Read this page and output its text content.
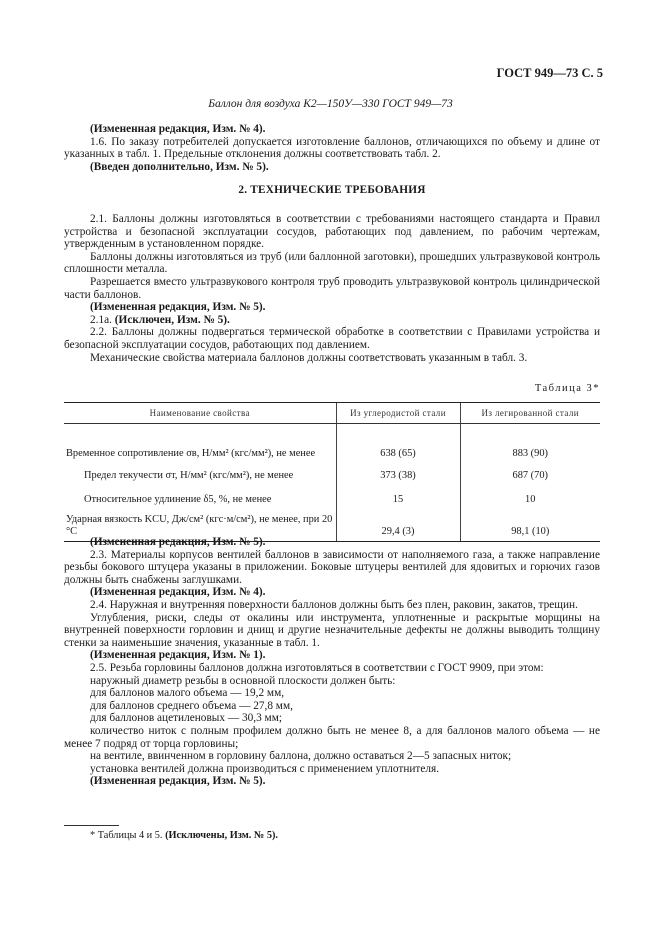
ГОСТ 949—73 С. 5
Баллон для воздуха К2—150У—330 ГОСТ 949—73
(Измененная редакция, Изм. № 4).
1.6. По заказу потребителей допускается изготовление баллонов, отличающихся по объему и длине от указанных в табл. 1. Предельные отклонения должны соответствовать табл. 2.
(Введен дополнительно, Изм. № 5).
2. ТЕХНИЧЕСКИЕ ТРЕБОВАНИЯ
2.1. Баллоны должны изготовляться в соответствии с требованиями настоящего стандарта и Правил устройства и безопасной эксплуатации сосудов, работающих под давлением, по рабочим чертежам, утвержденным в установленном порядке.
Баллоны должны изготовляться из труб (или баллонной заготовки), прошедших ультразвуковой контроль сплошности металла.
Разрешается вместо ультразвукового контроля труб проводить ультразвуковой контроль цилиндрической части баллонов.
(Измененная редакция, Изм. № 5).
2.1а. (Исключен, Изм. № 5).
2.2. Баллоны должны подвергаться термической обработке в соответствии с Правилами устройства и безопасной эксплуатации сосудов, работающих под давлением.
Механические свойства материала баллонов должны соответствовать указанным в табл. 3.
Таблица 3*
Наименование свойства	Из углеродистой стали	Из легированной стали
Временное сопротивление σв, Н/мм² (кгс/мм²), не менее	638 (65)	883 (90)
Предел текучести σт, Н/мм² (кгс/мм²), не менее	373 (38)	687 (70)
Относительное удлинение δ5, %, не менее	15	10
Ударная вязкость KCU, Дж/см² (кгс·м/см²), не менее, при 20 °С	29,4 (3)	98,1 (10)
(Измененная редакция, Изм. № 5).
2.3. Материалы корпусов вентилей баллонов в зависимости от наполняемого газа, а также направление резьбы бокового штуцера указаны в приложении. Боковые штуцеры вентилей для ядовитых и горючих газов должны быть снабжены заглушками.
(Измененная редакция, Изм. № 4).
2.4. Наружная и внутренняя поверхности баллонов должны быть без плен, раковин, закатов, трещин.
Углубления, риски, следы от окалины или инструмента, уплотненные и раскрытые морщины на внутренней поверхности горловин и днищ и другие незначительные дефекты не должны выводить толщину стенки за наименьшие значения, указанные в табл. 1.
(Измененная редакция, Изм. № 1).
2.5. Резьба горловины баллонов должна изготовляться в соответствии с ГОСТ 9909, при этом:
наружный диаметр резьбы в основной плоскости должен быть:
для баллонов малого объема — 19,2 мм,
для баллонов среднего объема — 27,8 мм,
для баллонов ацетиленовых — 30,3 мм;
количество ниток с полным профилем должно быть не менее 8, а для баллонов малого объема — не менее 7 подряд от торца горловины;
на вентиле, ввинченном в горловину баллона, должно оставаться 2—5 запасных ниток;
установка вентилей должна производиться с применением уплотнителя.
(Измененная редакция, Изм. № 5).
* Таблицы 4 и 5. (Исключены, Изм. № 5).
